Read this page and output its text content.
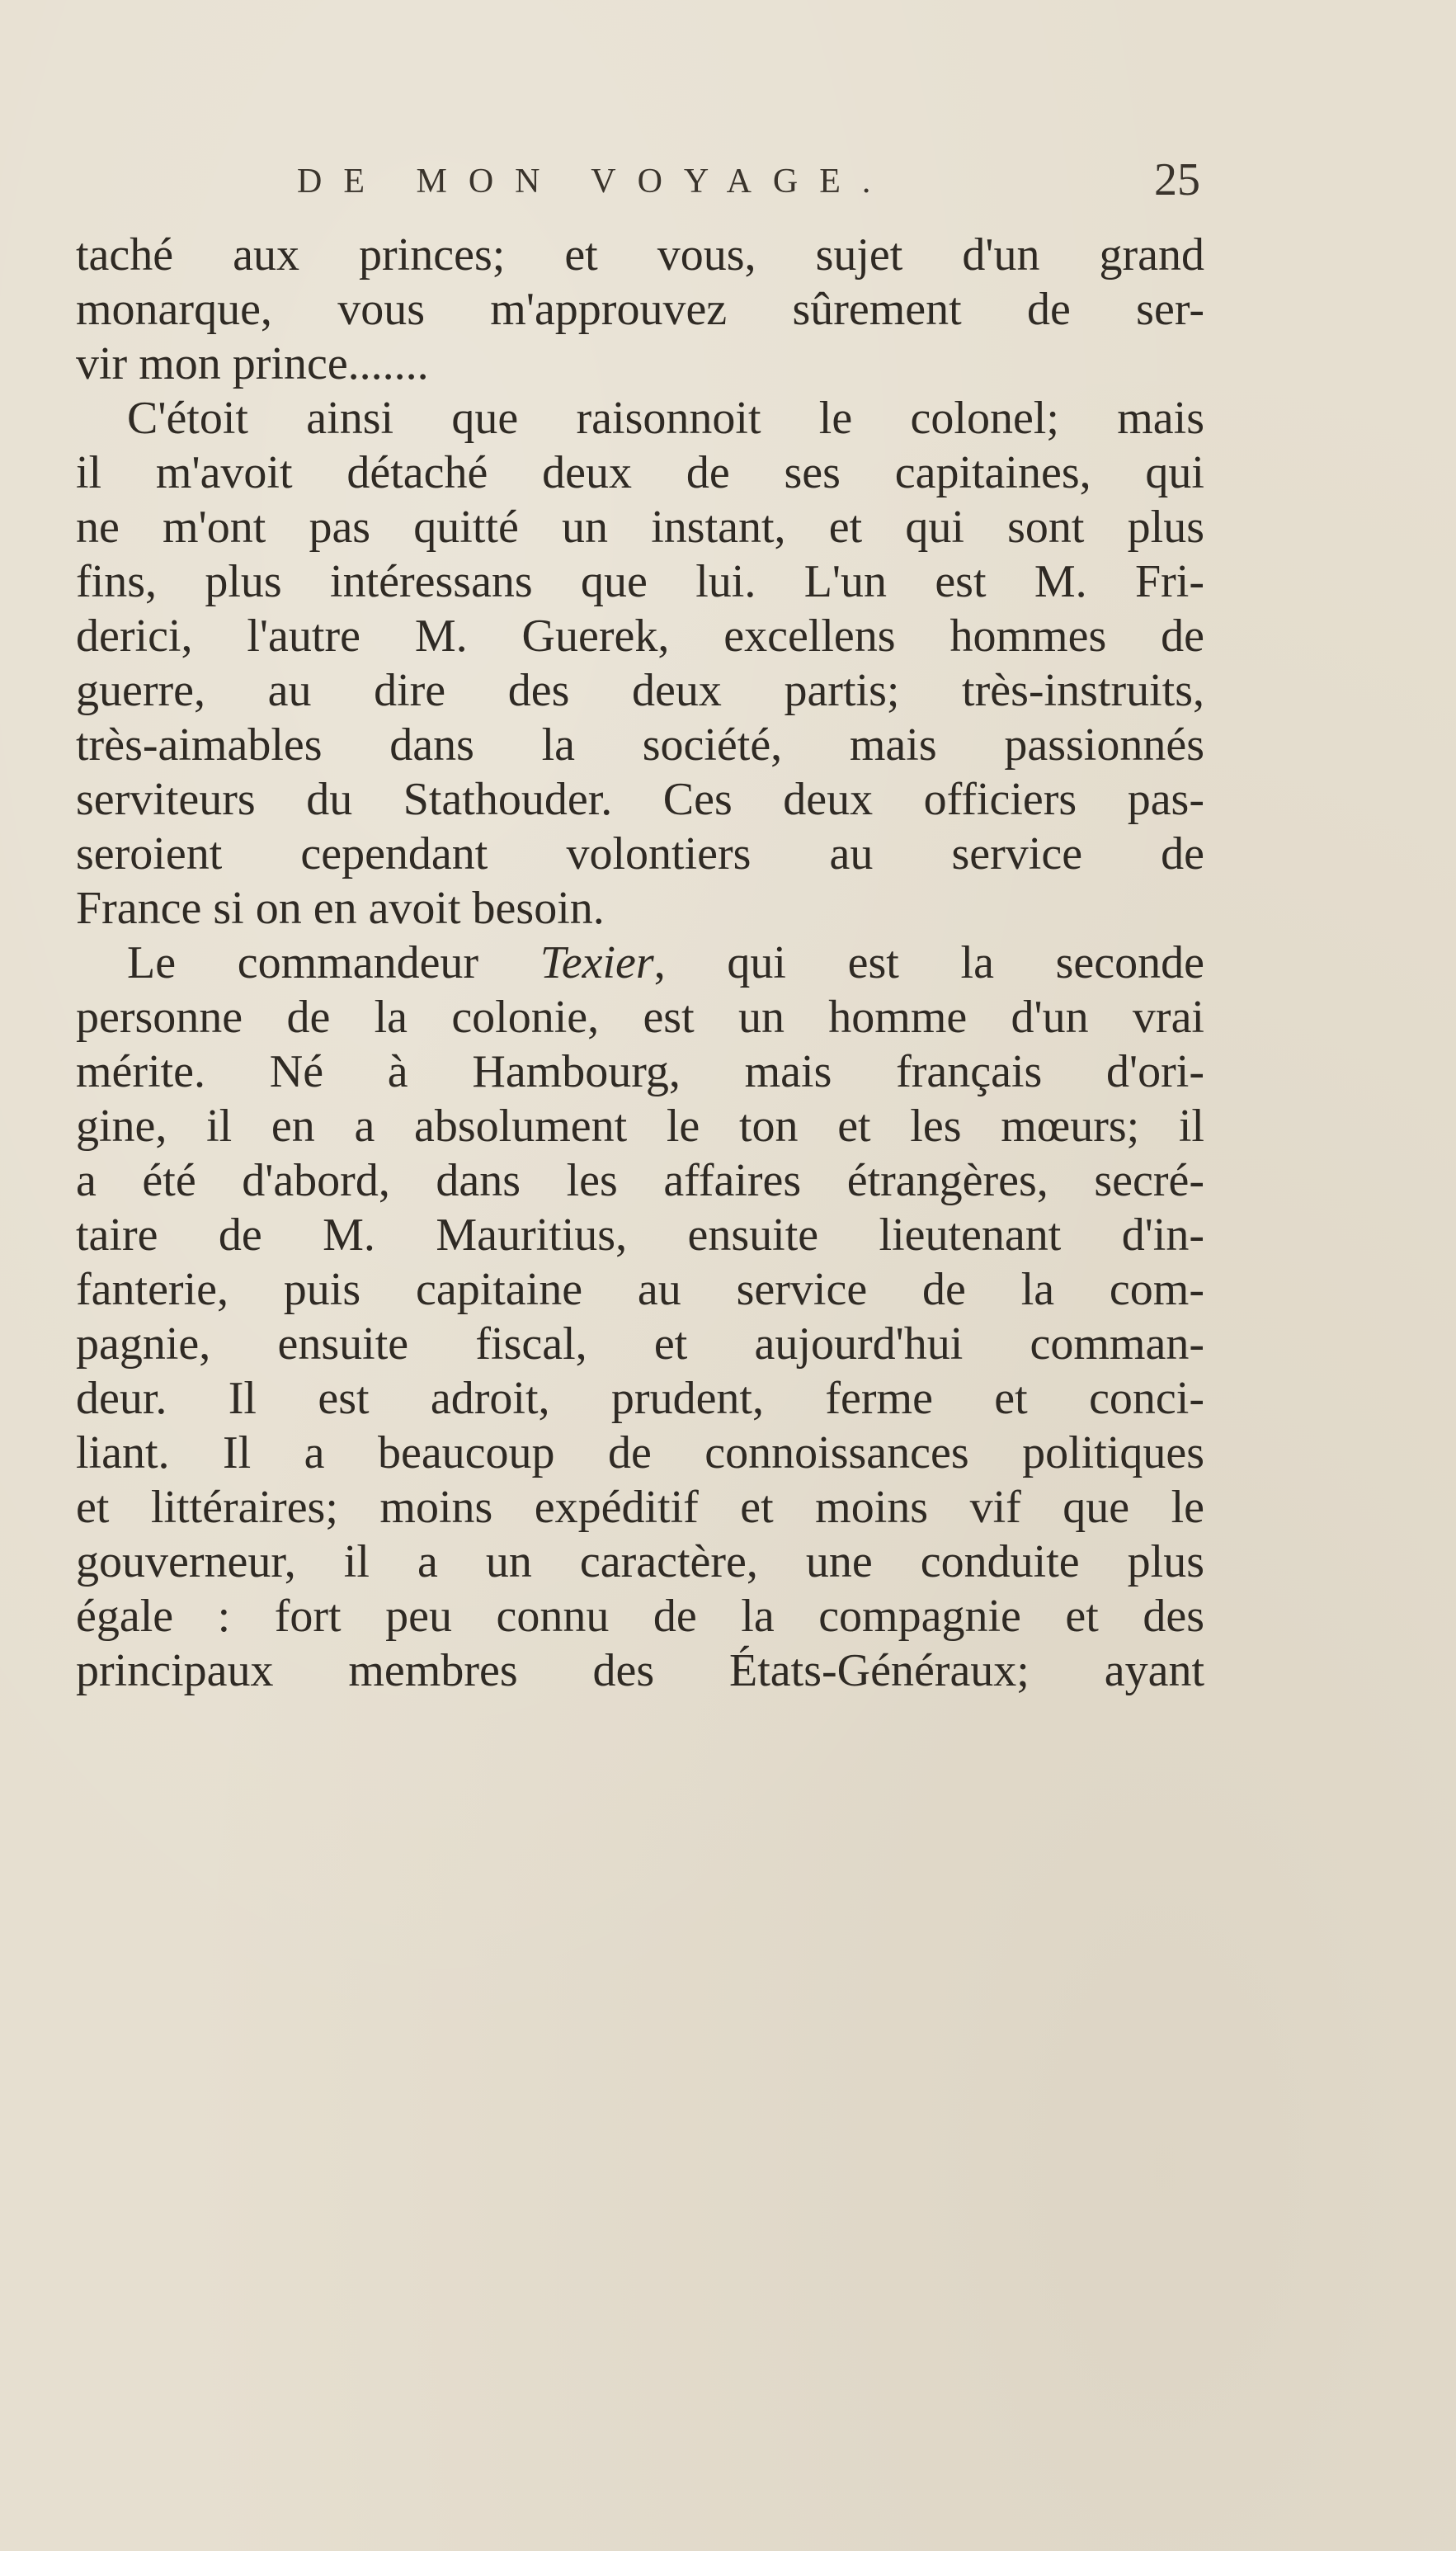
DE MON VOYAGE.	25
taché aux princes; et vous, sujet d'un grand
monarque, vous m'approuvez sûrement de ser-
vir mon prince.......
C'étoit ainsi que raisonnoit le colonel; mais
il m'avoit détaché deux de ses capitaines, qui
ne m'ont pas quitté un instant, et qui sont plus
fins, plus intéressans que lui. L'un est M. Fri-
derici, l'autre M. Guerek, excellens hommes de
guerre, au dire des deux partis; très-instruits,
très-aimables dans la société, mais passionnés
serviteurs du Stathouder. Ces deux officiers pas-
seroient cependant volontiers au service de
France si on en avoit besoin.
Le commandeur Texier, qui est la seconde
personne de la colonie, est un homme d'un vrai
mérite. Né à Hambourg, mais français d'ori-
gine, il en a absolument le ton et les mœurs; il
a été d'abord, dans les affaires étrangères, secré-
taire de M. Mauritius, ensuite lieutenant d'in-
fanterie, puis capitaine au service de la com-
pagnie, ensuite fiscal, et aujourd'hui comman-
deur. Il est adroit, prudent, ferme et conci-
liant. Il a beaucoup de connoissances politiques
et littéraires; moins expéditif et moins vif que le
gouverneur, il a un caractère, une conduite plus
égale : fort peu connu de la compagnie et des
principaux membres des États-Généraux; ayant
